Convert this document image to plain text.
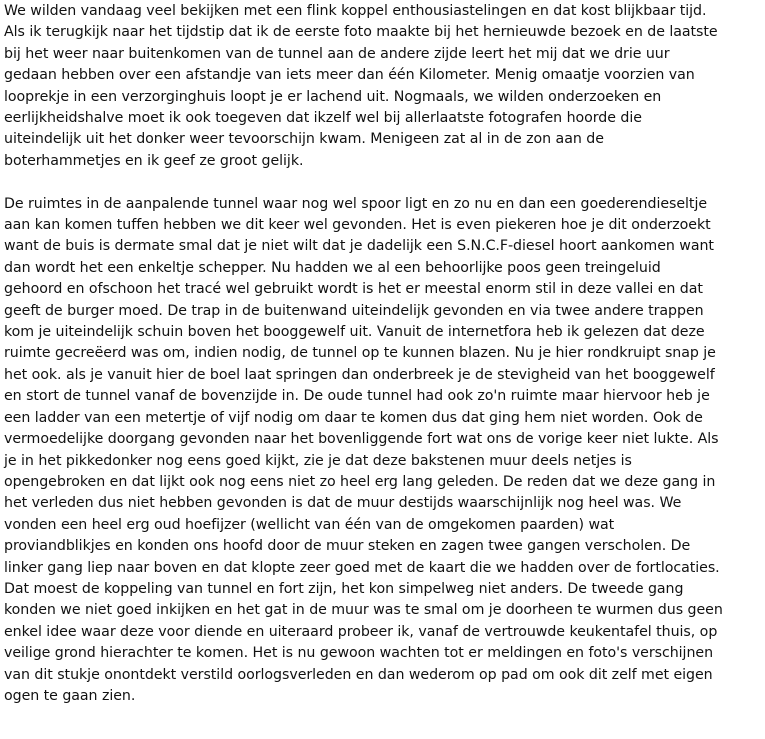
We wilden vandaag veel bekijken met een flink koppel enthousiastelingen en dat kost blijkbaar tijd.
Als ik terugkijk naar het tijdstip dat ik de eerste foto maakte bij het hernieuwde bezoek en de laatste
bij het weer naar buitenkomen van de tunnel aan de andere zijde leert het mij dat we drie uur
gedaan hebben over een afstandje van iets meer dan één Kilometer. Menig omaatje voorzien van
looprekje in een verzorginghuis loopt je er lachend uit. Nogmaals, we wilden onderzoeken en
eerlijkheidshalve moet ik ook toegeven dat ikzelf wel bij allerlaatste fotografen hoorde die
uiteindelijk uit het donker weer tevoorschijn kwam. Menigeen zat al in de zon aan de
boterhammetjes en ik geef ze groot gelijk.

De ruimtes in de aanpalende tunnel waar nog wel spoor ligt en zo nu en dan een goederendieseltje
aan kan komen tuffen hebben we dit keer wel gevonden. Het is even piekeren hoe je dit onderzoekt
want de buis is dermate smal dat je niet wilt dat je dadelijk een S.N.C.F-diesel hoort aankomen want
dan wordt het een enkeltje schepper. Nu hadden we al een behoorlijke poos geen treingeluid
gehoord en ofschoon het tracé wel gebruikt wordt is het er meestal enorm stil in deze vallei en dat
geeft de burger moed. De trap in de buitenwand uiteindelijk gevonden en via twee andere trappen
kom je uiteindelijk schuin boven het booggewelf uit. Vanuit de internetfora heb ik gelezen dat deze
ruimte gecreëerd was om, indien nodig, de tunnel op te kunnen blazen. Nu je hier rondkruipt snap je
het ook. als je vanuit hier de boel laat springen dan onderbreek je de stevigheid van het booggewelf
en stort de tunnel vanaf de bovenzijde in. De oude tunnel had ook zo'n ruimte maar hiervoor heb je
een ladder van een metertje of vijf nodig om daar te komen dus dat ging hem niet worden. Ook de
vermoedelijke doorgang gevonden naar het bovenliggende fort wat ons de vorige keer niet lukte. Als
je in het pikkedonker nog eens goed kijkt, zie je dat deze bakstenen muur deels netjes is
opengebroken en dat lijkt ook nog eens niet zo heel erg lang geleden. De reden dat we deze gang in
het verleden dus niet hebben gevonden is dat de muur destijds waarschijnlijk nog heel was. We
vonden een heel erg oud hoefijzer (wellicht van één van de omgekomen paarden) wat
proviandblikjes en konden ons hoofd door de muur steken en zagen twee gangen verscholen. De
linker gang liep naar boven en dat klopte zeer goed met de kaart die we hadden over de fortlocaties.
Dat moest de koppeling van tunnel en fort zijn, het kon simpelweg niet anders. De tweede gang
konden we niet goed inkijken en het gat in de muur was te smal om je doorheen te wurmen dus geen
enkel idee waar deze voor diende en uiteraard probeer ik, vanaf de vertrouwde keukentafel thuis, op
veilige grond hierachter te komen. Het is nu gewoon wachten tot er meldingen en foto's verschijnen
van dit stukje onontdekt verstild oorlogsverleden en dan wederom op pad om ook dit zelf met eigen
ogen te gaan zien.
